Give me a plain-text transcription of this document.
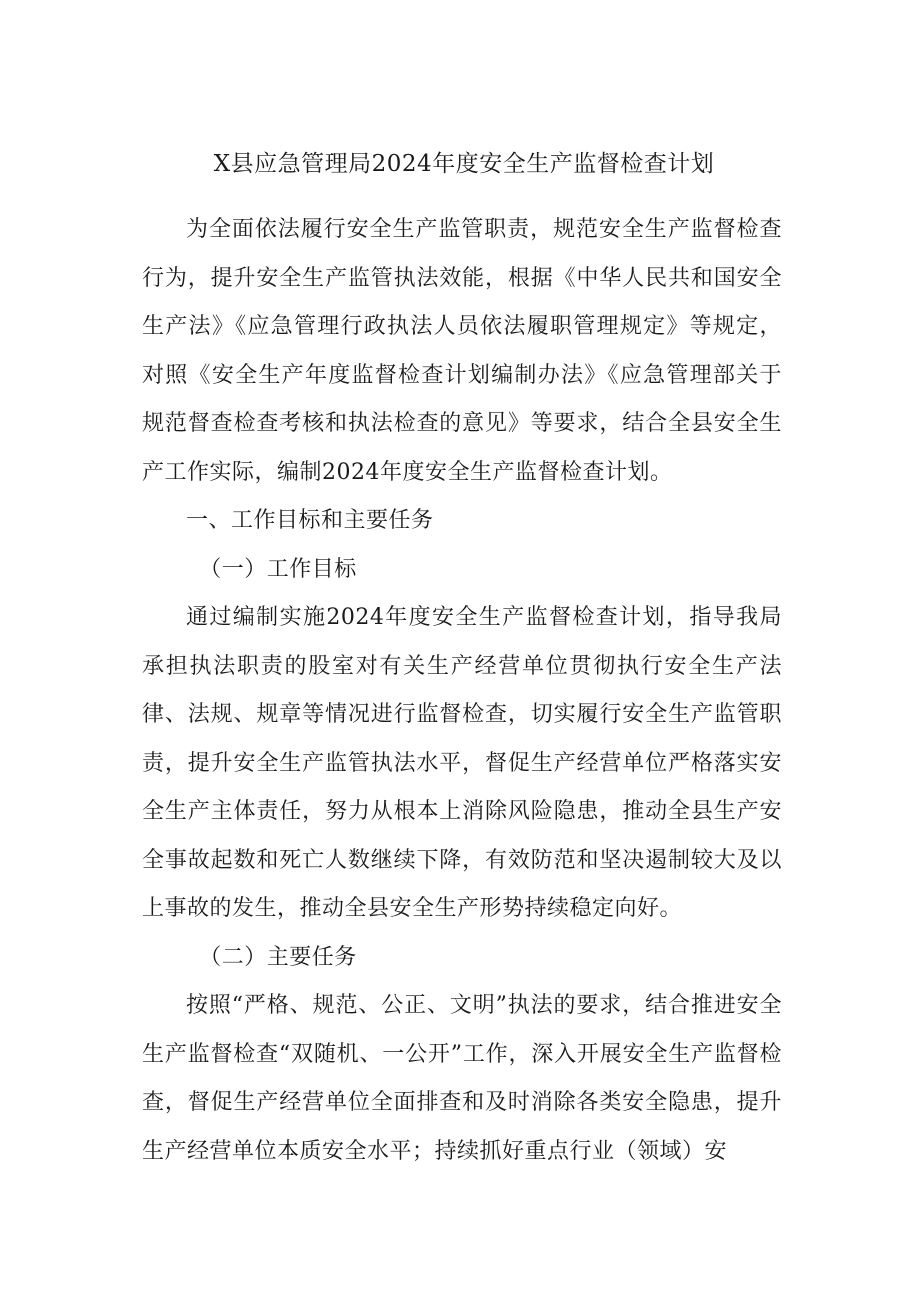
X县应急管理局2024年度安全生产监督检查计划

为全面依法履行安全生产监管职责，规范安全生产监督检查行为，提升安全生产监管执法效能，根据《中华人民共和国安全生产法》《应急管理行政执法人员依法履职管理规定》等规定，对照《安全生产年度监督检查计划编制办法》《应急管理部关于规范督查检查考核和执法检查的意见》等要求，结合全县安全生产工作实际，编制2024年度安全生产监督检查计划。

一、工作目标和主要任务

（一）工作目标

通过编制实施2024年度安全生产监督检查计划，指导我局承担执法职责的股室对有关生产经营单位贯彻执行安全生产法律、法规、规章等情况进行监督检查，切实履行安全生产监管职责，提升安全生产监管执法水平，督促生产经营单位严格落实安全生产主体责任，努力从根本上消除风险隐患，推动全县生产安全事故起数和死亡人数继续下降，有效防范和坚决遏制较大及以上事故的发生，推动全县安全生产形势持续稳定向好。

（二）主要任务

按照“严格、规范、公正、文明”执法的要求，结合推进安全生产监督检查“双随机、一公开”工作，深入开展安全生产监督检查，督促生产经营单位全面排查和及时消除各类安全隐患，提升生产经营单位本质安全水平；持续抓好重点行业（领域）安
